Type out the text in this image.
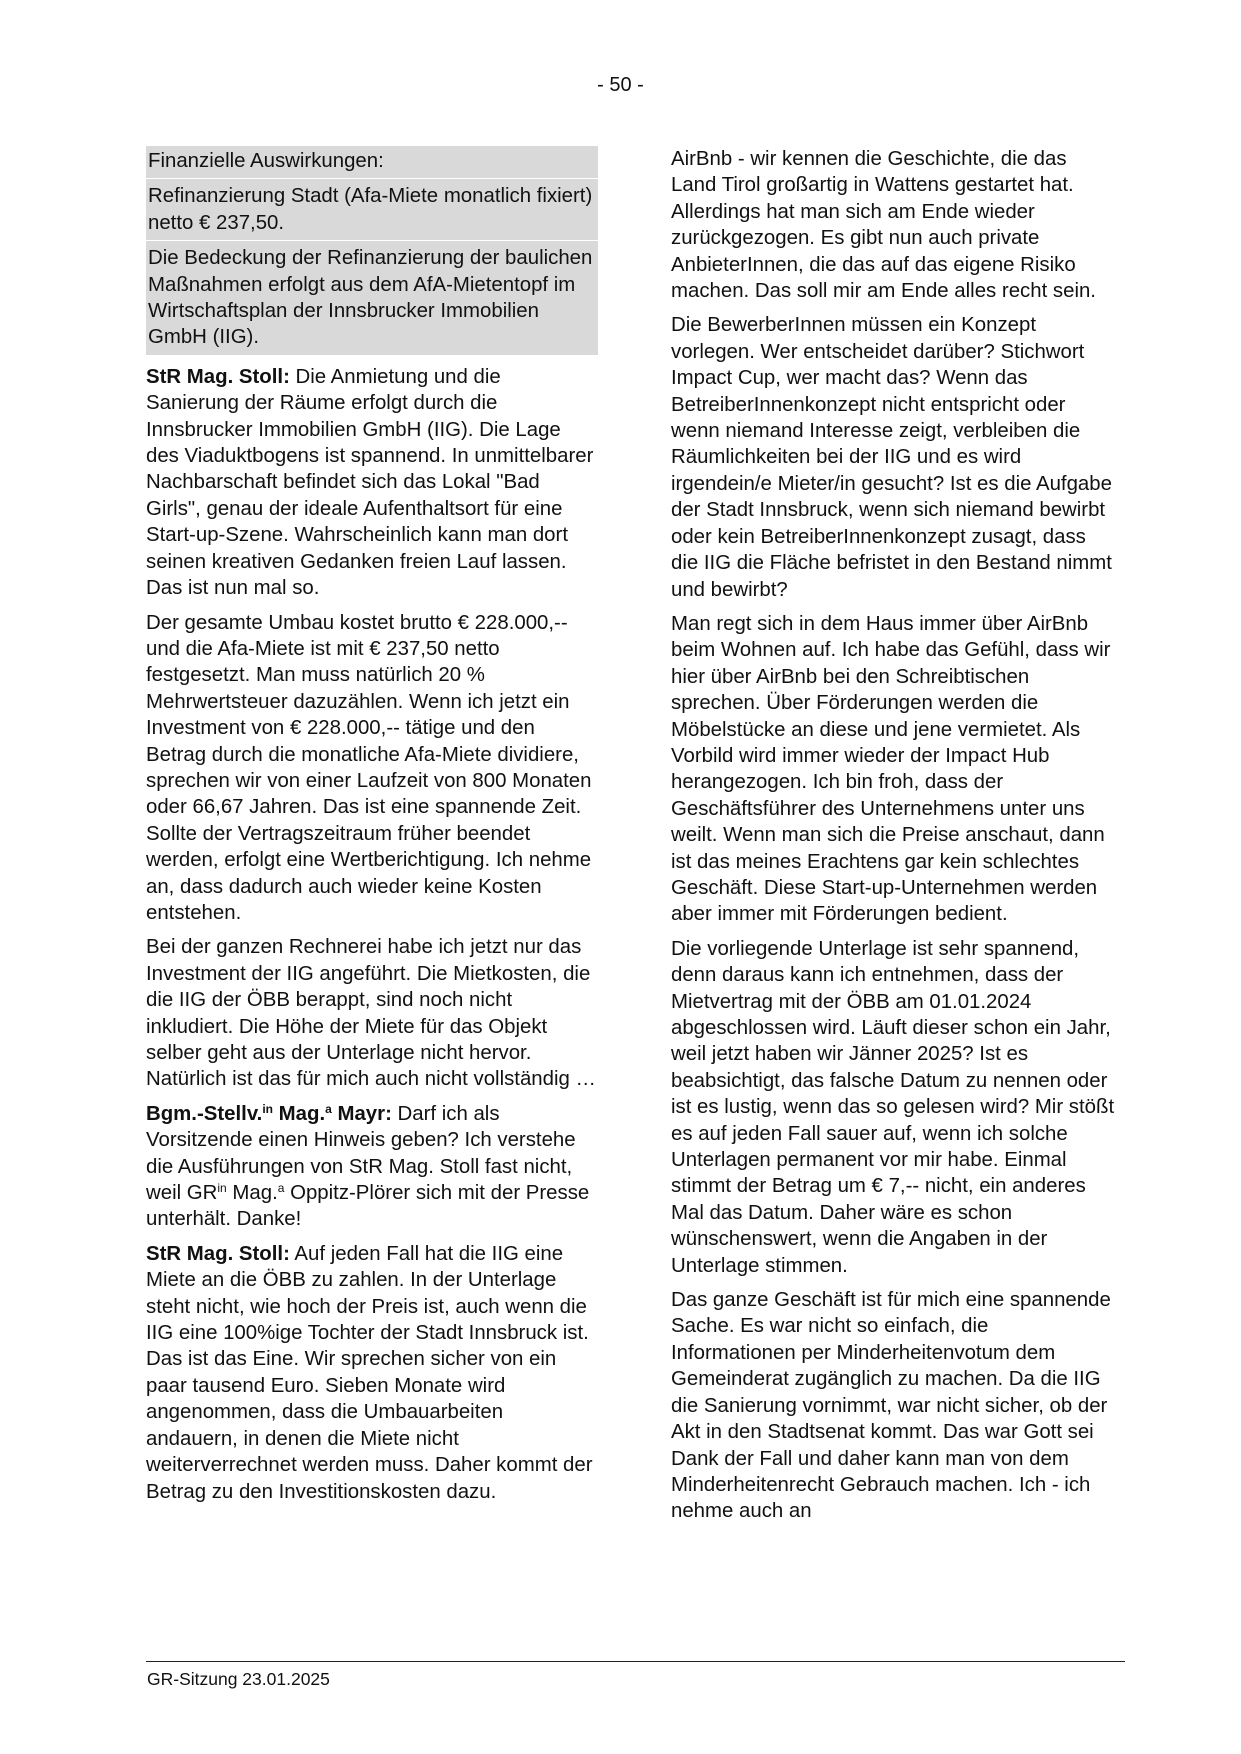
- 50 -

Finanzielle Auswirkungen:

Refinanzierung Stadt (Afa-Miete monatlich fixiert) netto € 237,50.

Die Bedeckung der Refinanzierung der baulichen Maßnahmen erfolgt aus dem AfA-Mietentopf im Wirtschaftsplan der Innsbrucker Immobilien GmbH (IIG).

StR Mag. Stoll: Die Anmietung und die Sanierung der Räume erfolgt durch die Innsbrucker Immobilien GmbH (IIG). Die Lage des Viaduktbogens ist spannend. In unmittelbarer Nachbarschaft befindet sich das Lokal "Bad Girls", genau der ideale Aufenthaltsort für eine Start-up-Szene. Wahrscheinlich kann man dort seinen kreativen Gedanken freien Lauf lassen. Das ist nun mal so.

Der gesamte Umbau kostet brutto € 228.000,-- und die Afa-Miete ist mit € 237,50 netto festgesetzt. Man muss natürlich 20 % Mehrwertsteuer dazuzählen. Wenn ich jetzt ein Investment von € 228.000,-- tätige und den Betrag durch die monatliche Afa-Miete dividiere, sprechen wir von einer Laufzeit von 800 Monaten oder 66,67 Jahren. Das ist eine spannende Zeit. Sollte der Vertragszeitraum früher beendet werden, erfolgt eine Wertberichtigung. Ich nehme an, dass dadurch auch wieder keine Kosten entstehen.

Bei der ganzen Rechnerei habe ich jetzt nur das Investment der IIG angeführt. Die Mietkosten, die die IIG der ÖBB berappt, sind noch nicht inkludiert. Die Höhe der Miete für das Objekt selber geht aus der Unterlage nicht hervor. Natürlich ist das für mich auch nicht vollständig …

Bgm.-Stellv.$^{in}$ Mag.$^a$ Mayr: Darf ich als Vorsitzende einen Hinweis geben? Ich verstehe die Ausführungen von StR Mag. Stoll fast nicht, weil $GR^{in}$ Mag.$^a$ Oppitz-Plörer sich mit der Presse unterhält. Danke!

StR Mag. Stoll: Auf jeden Fall hat die IIG eine Miete an die ÖBB zu zahlen. In der Unterlage steht nicht, wie hoch der Preis ist, auch wenn die IIG eine 100%ige Tochter der Stadt Innsbruck ist. Das ist das Eine. Wir sprechen sicher von ein paar tausend Euro. Sieben Monate wird angenommen, dass die Umbauarbeiten andauern, in denen die Miete nicht weiterverrechnet werden muss. Daher kommt der Betrag zu den Investitionskosten dazu.

AirBnb - wir kennen die Geschichte, die das Land Tirol großartig in Wattens gestartet hat. Allerdings hat man sich am Ende wieder zurückgezogen. Es gibt nun auch private AnbieterInnen, die das auf das eigene Risiko machen. Das soll mir am Ende alles recht sein.

Die BewerberInnen müssen ein Konzept vorlegen. Wer entscheidet darüber? Stichwort Impact Cup, wer macht das? Wenn das BetreiberInnenkonzept nicht entspricht oder wenn niemand Interesse zeigt, verbleiben die Räumlichkeiten bei der IIG und es wird irgendein/e Mieter/in gesucht? Ist es die Aufgabe der Stadt Innsbruck, wenn sich niemand bewirbt oder kein BetreiberInnenkonzept zusagt, dass die IIG die Fläche befristet in den Bestand nimmt und bewirbt?

Man regt sich in dem Haus immer über AirBnb beim Wohnen auf. Ich habe das Gefühl, dass wir hier über AirBnb bei den Schreibtischen sprechen. Über Förderungen werden die Möbelstücke an diese und jene vermietet. Als Vorbild wird immer wieder der Impact Hub herangezogen. Ich bin froh, dass der Geschäftsführer des Unternehmens unter uns weilt. Wenn man sich die Preise anschaut, dann ist das meines Erachtens gar kein schlechtes Geschäft. Diese Start-up-Unternehmen werden aber immer mit Förderungen bedient.

Die vorliegende Unterlage ist sehr spannend, denn daraus kann ich entnehmen, dass der Mietvertrag mit der ÖBB am 01.01.2024 abgeschlossen wird. Läuft dieser schon ein Jahr, weil jetzt haben wir Jänner 2025? Ist es beabsichtigt, das falsche Datum zu nennen oder ist es lustig, wenn das so gelesen wird? Mir stößt es auf jeden Fall sauer auf, wenn ich solche Unterlagen permanent vor mir habe. Einmal stimmt der Betrag um € 7,-- nicht, ein anderes Mal das Datum. Daher wäre es schon wünschenswert, wenn die Angaben in der Unterlage stimmen.

Das ganze Geschäft ist für mich eine spannende Sache. Es war nicht so einfach, die Informationen per Minderheitenvotum dem Gemeinderat zugänglich zu machen. Da die IIG die Sanierung vornimmt, war nicht sicher, ob der Akt in den Stadtsenat kommt. Das war Gott sei Dank der Fall und daher kann man von dem Minderheitenrecht Gebrauch machen. Ich - ich nehme auch an

GR-Sitzung 23.01.2025
